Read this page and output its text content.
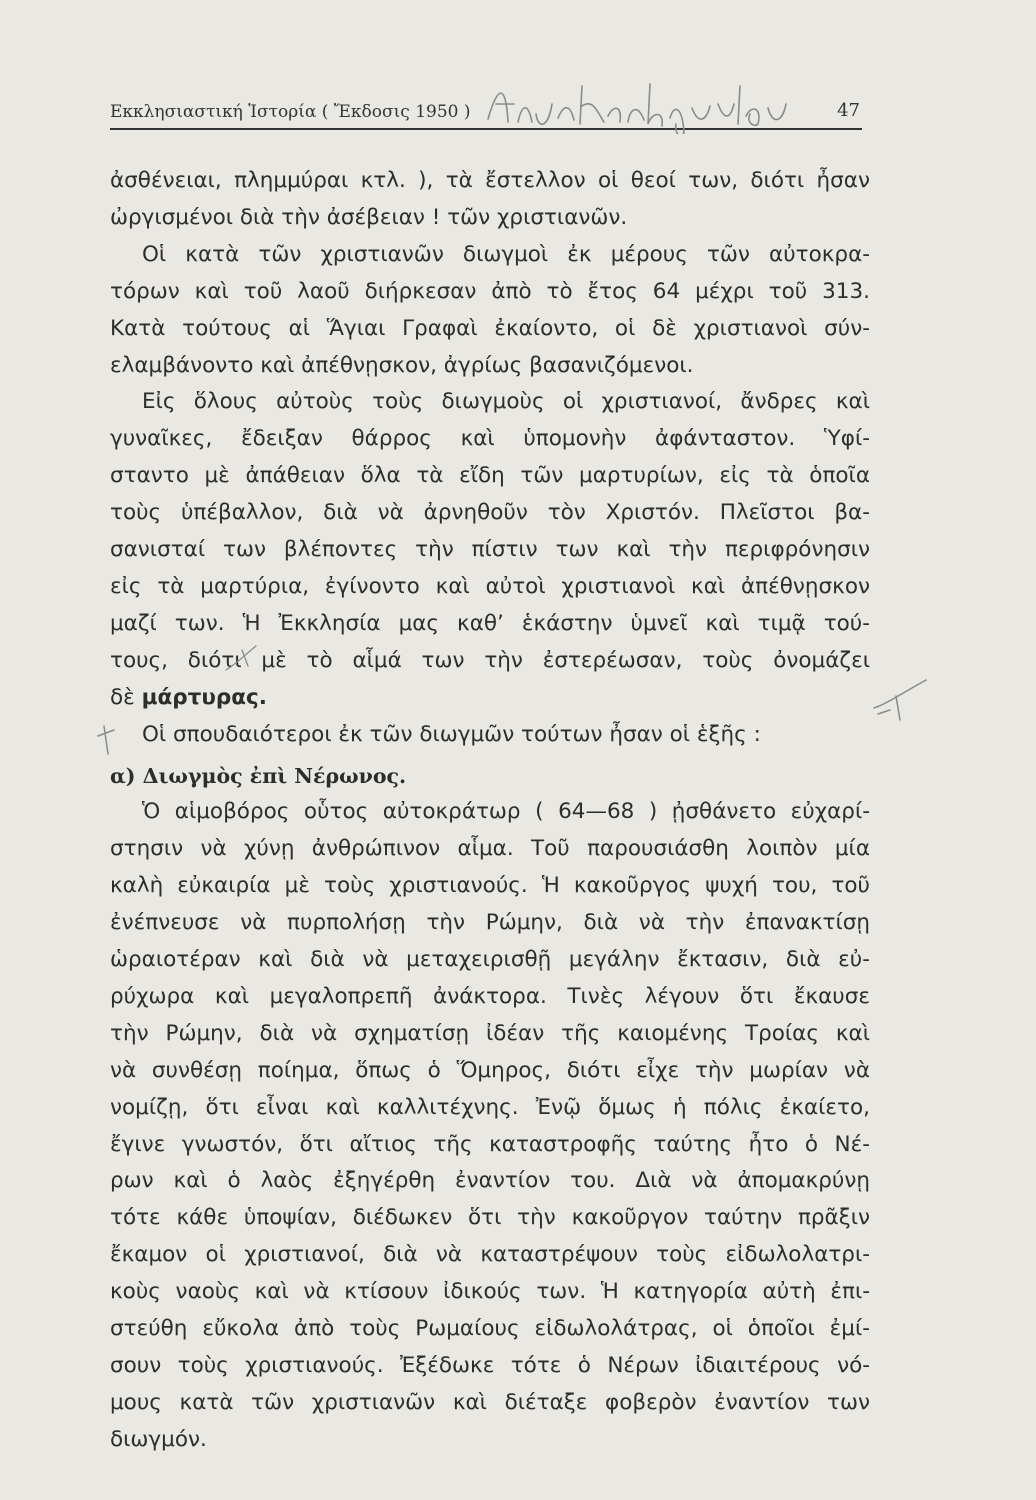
Εκκλησιαστική Ἱστορία ( Ἔκδοσις 1950 )	47

ἀσθένειαι, πλημμύραι κτλ. ), τὰ ἔστελλον οἱ θεοί των, διότι ἦσαν

ὠργισμένοι διὰ τὴν ἀσέβειαν ! τῶν χριστιανῶν.

Οἱ κατὰ τῶν χριστιανῶν διωγμοὶ ἐκ μέρους τῶν αὐτοκρα-

τόρων καὶ τοῦ λαοῦ διήρκεσαν ἀπὸ τὸ ἔτος 64 μέχρι τοῦ 313.

Κατὰ τούτους αἱ Ἅγιαι Γραφαὶ ἐκαίοντο, οἱ δὲ χριστιανοὶ σύν-

ελαμβάνοντο καὶ ἀπέθνῃσκον, ἀγρίως βασανιζόμενοι.

Εἰς ὅλους αὐτοὺς τοὺς διωγμοὺς οἱ χριστιανοί, ἄνδρες καὶ

γυναῖκες, ἔδειξαν θάρρος καὶ ὑπομονὴν ἀφάνταστον. Ὑφί-

σταντο μὲ ἀπάθειαν ὅλα τὰ εἴδη τῶν μαρτυρίων, εἰς τὰ ὁποῖα

τοὺς ὑπέβαλλον, διὰ νὰ ἀρνηθοῦν τὸν Χριστόν. Πλεῖστοι βα-

σανισταί των βλέποντες τὴν πίστιν των καὶ τὴν περιφρόνησιν

εἰς τὰ μαρτύρια, ἐγίνοντο καὶ αὐτοὶ χριστιανοὶ καὶ ἀπέθνῃσκον

μαζί των. Ἡ Ἐκκλησία μας καθ’ ἑκάστην ὑμνεῖ καὶ τιμᾷ τού-

τους, διότι μὲ τὸ αἷμά των τὴν ἐστερέωσαν, τοὺς ὀνομάζει

δὲ μάρτυρας.

Οἱ σπουδαιότεροι ἐκ τῶν διωγμῶν τούτων ἦσαν οἱ ἑξῆς :

α) Διωγμὸς ἐπὶ Νέρωνος.

Ὁ αἱμοβόρος οὗτος αὐτοκράτωρ ( 64—68 ) ᾐσθάνετο εὐχαρί-

στησιν νὰ χύνῃ ἀνθρώπινον αἷμα. Τοῦ παρουσιάσθη λοιπὸν μία

καλὴ εὐκαιρία μὲ τοὺς χριστιανούς. Ἡ κακοῦργος ψυχή του, τοῦ

ἐνέπνευσε νὰ πυρπολήσῃ τὴν Ρώμην, διὰ νὰ τὴν ἐπανακτίσῃ

ὡραιοτέραν καὶ διὰ νὰ μεταχειρισθῇ μεγάλην ἔκτασιν, διὰ εὐ-

ρύχωρα καὶ μεγαλοπρεπῆ ἀνάκτορα. Τινὲς λέγουν ὅτι ἔκαυσε

τὴν Ρώμην, διὰ νὰ σχηματίσῃ ἰδέαν τῆς καιομένης Τροίας καὶ

νὰ συνθέσῃ ποίημα, ὅπως ὁ Ὅμηρος, διότι εἶχε τὴν μωρίαν νὰ

νομίζῃ, ὅτι εἶναι καὶ καλλιτέχνης. Ἐνῷ ὅμως ἡ πόλις ἐκαίετο,

ἔγινε γνωστόν, ὅτι αἴτιος τῆς καταστροφῆς ταύτης ἦτο ὁ Νέ-

ρων καὶ ὁ λαὸς ἐξηγέρθη ἐναντίον του. Διὰ νὰ ἀπομακρύνῃ

τότε κάθε ὑποψίαν, διέδωκεν ὅτι τὴν κακοῦργον ταύτην πρᾶξιν

ἔκαμον οἱ χριστιανοί, διὰ νὰ καταστρέψουν τοὺς εἰδωλολατρι-

κοὺς ναοὺς καὶ νὰ κτίσουν ἰδικούς των. Ἡ κατηγορία αὐτὴ ἐπι-

στεύθη εὔκολα ἀπὸ τοὺς Ρωμαίους εἰδωλολάτρας, οἱ ὁποῖοι ἐμί-

σουν τοὺς χριστιανούς. Ἐξέδωκε τότε ὁ Νέρων ἰδιαιτέρους νό-

μους κατὰ τῶν χριστιανῶν καὶ διέταξε φοβερὸν ἐναντίον των

διωγμόν.
